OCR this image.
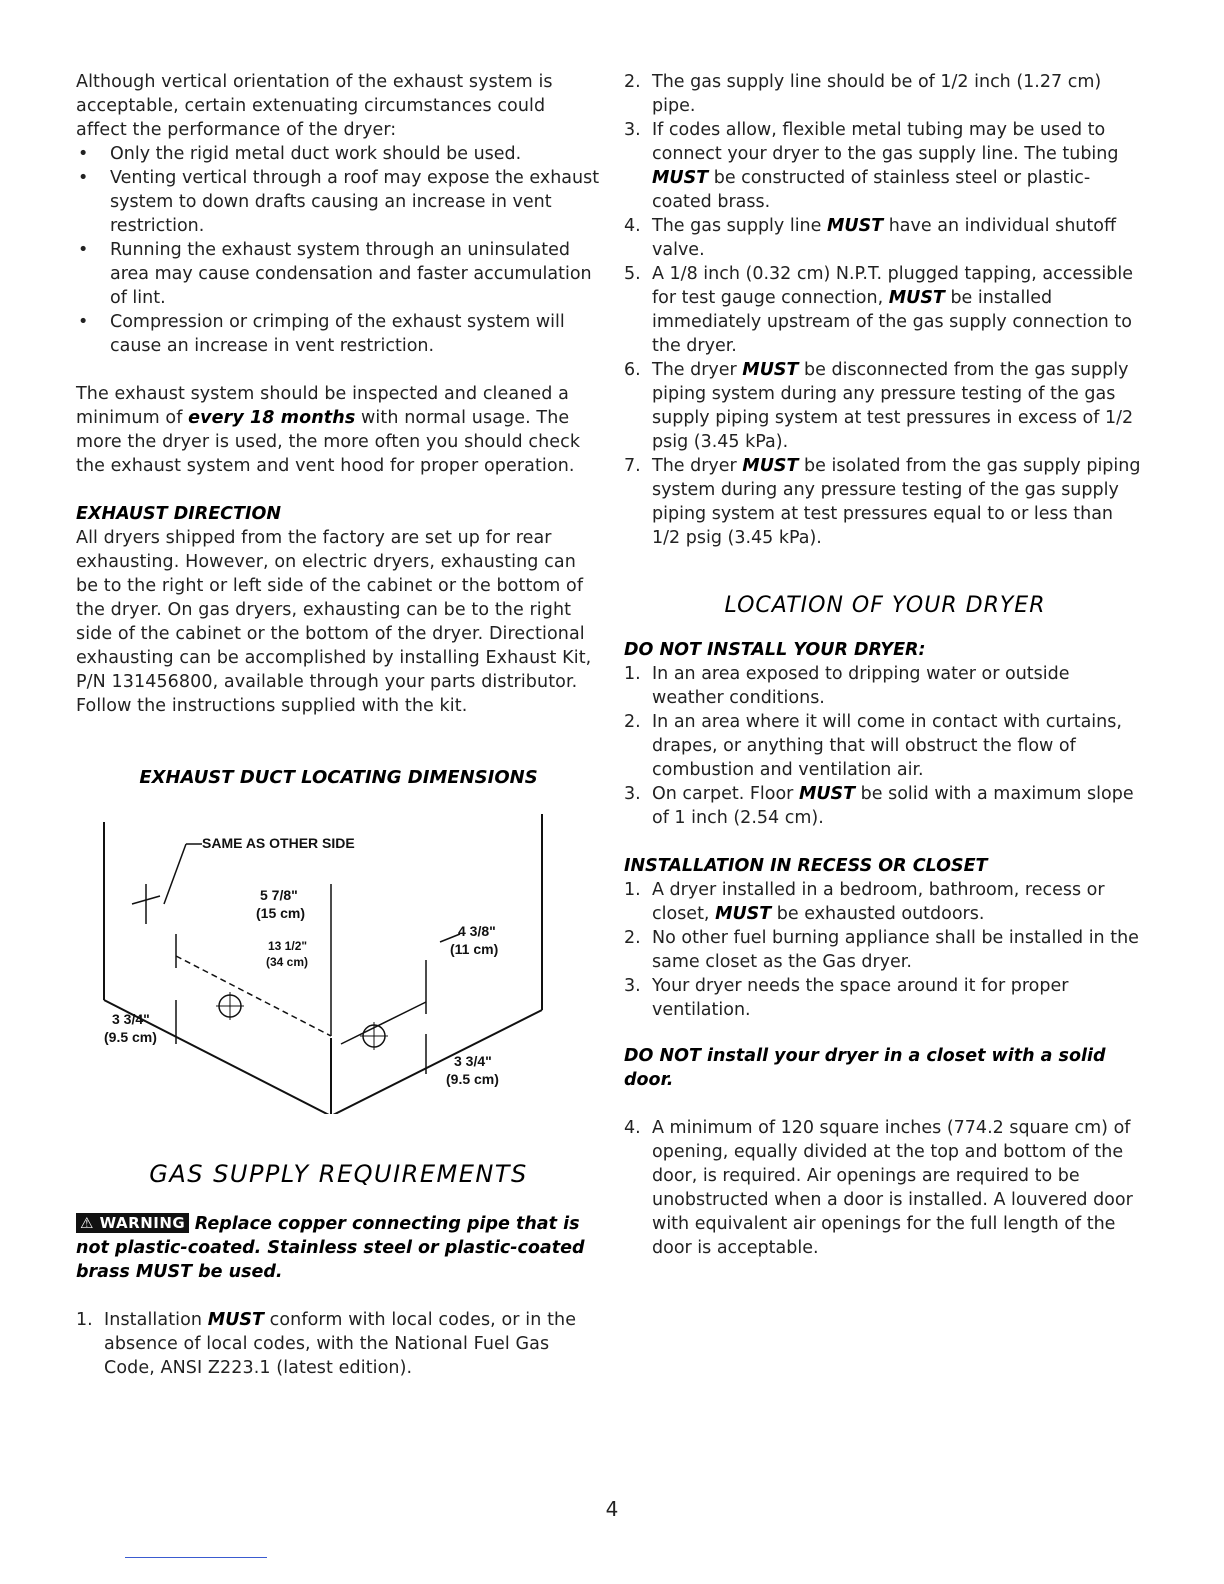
Although vertical orientation of the exhaust system is acceptable, certain extenuating circumstances could affect the performance of the dryer:

• Only the rigid metal duct work should be used.
• Venting vertical through a roof may expose the exhaust system to down drafts causing an increase in vent restriction.
• Running the exhaust system through an uninsulated area may cause condensation and faster accumulation of lint.
• Compression or crimping of the exhaust system will cause an increase in vent restriction.

The exhaust system should be inspected and cleaned a minimum of every 18 months with normal usage. The more the dryer is used, the more often you should check the exhaust system and vent hood for proper operation.

EXHAUST DIRECTION

All dryers shipped from the factory are set up for rear exhausting. However, on electric dryers, exhausting can be to the right or left side of the cabinet or the bottom of the dryer. On gas dryers, exhausting can be to the right side of the cabinet or the bottom of the dryer. Directional exhausting can be accomplished by installing Exhaust Kit, P/N 131456800, available through your parts distributor. Follow the instructions supplied with the kit.

EXHAUST DUCT LOCATING DIMENSIONS

SAME AS OTHER SIDE
5 7/8"
(15 cm)
13 1/2"
(34 cm)
4 3/8"
(11 cm)
3 3/4"
(9.5 cm)
3 3/4"
(9.5 cm)

GAS SUPPLY REQUIREMENTS

⚠ WARNING Replace copper connecting pipe that is not plastic-coated. Stainless steel or plastic-coated brass MUST be used.

1. Installation MUST conform with local codes, or in the absence of local codes, with the National Fuel Gas Code, ANSI Z223.1 (latest edition).
2. The gas supply line should be of 1/2 inch (1.27 cm) pipe.
3. If codes allow, flexible metal tubing may be used to connect your dryer to the gas supply line. The tubing MUST be constructed of stainless steel or plastic-coated brass.
4. The gas supply line MUST have an individual shutoff valve.
5. A 1/8 inch (0.32 cm) N.P.T. plugged tapping, accessible for test gauge connection, MUST be installed immediately upstream of the gas supply connection to the dryer.
6. The dryer MUST be disconnected from the gas supply piping system during any pressure testing of the gas supply piping system at test pressures in excess of 1/2 psig (3.45 kPa).
7. The dryer MUST be isolated from the gas supply piping system during any pressure testing of the gas supply piping system at test pressures equal to or less than 1/2 psig (3.45 kPa).

LOCATION OF YOUR DRYER

DO NOT INSTALL YOUR DRYER:

1. In an area exposed to dripping water or outside weather conditions.
2. In an area where it will come in contact with curtains, drapes, or anything that will obstruct the flow of combustion and ventilation air.
3. On carpet. Floor MUST be solid with a maximum slope of 1 inch (2.54 cm).

INSTALLATION IN RECESS OR CLOSET

1. A dryer installed in a bedroom, bathroom, recess or closet, MUST be exhausted outdoors.
2. No other fuel burning appliance shall be installed in the same closet as the Gas dryer.
3. Your dryer needs the space around it for proper ventilation.

DO NOT install your dryer in a closet with a solid door.

4. A minimum of 120 square inches (774.2 square cm) of opening, equally divided at the top and bottom of the door, is required. Air openings are required to be unobstructed when a door is installed. A louvered door with equivalent air openings for the full length of the door is acceptable.
4
